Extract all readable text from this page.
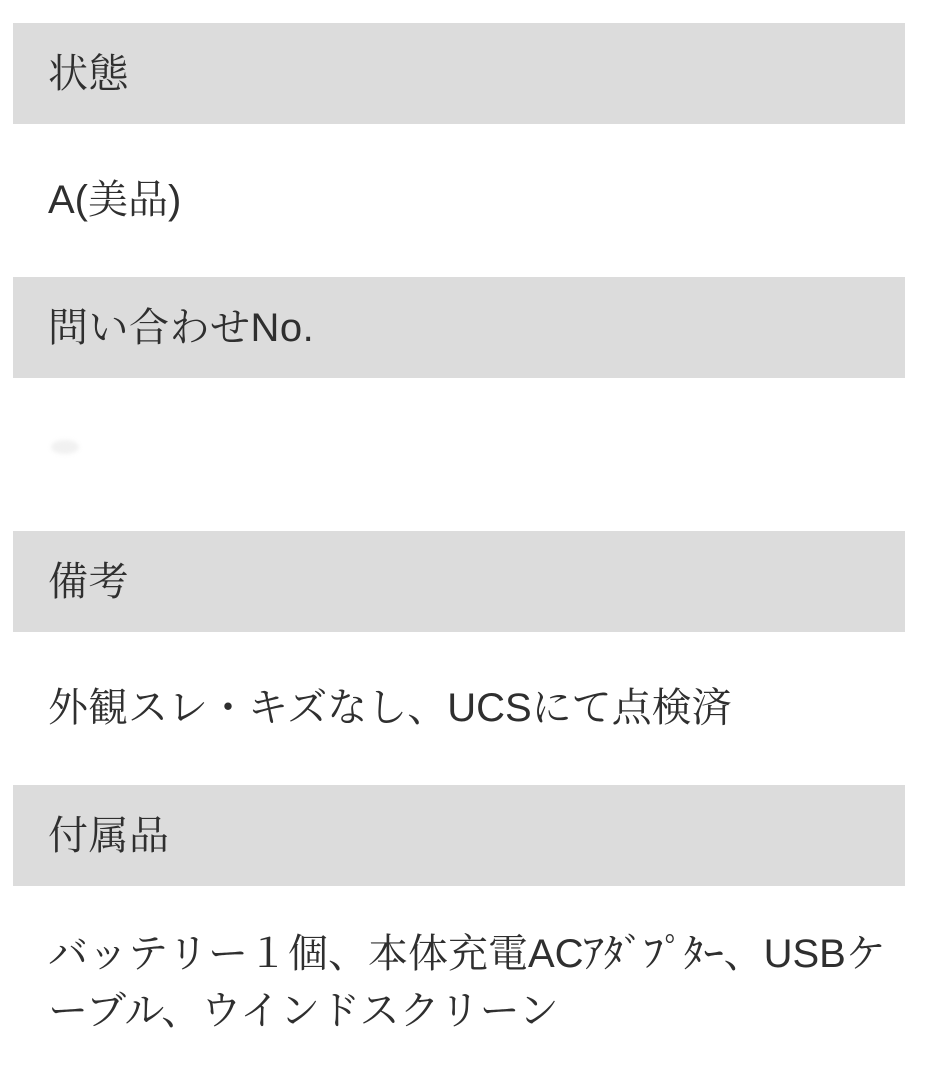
状態
A(美品)
問い合わせNo.
備考
外観スレ・キズなし、UCSにて点検済
付属品
バッテリー１個、本体充電ACｱﾀﾞﾌﾟﾀｰ、USBケーブル、ウインドスクリーン
